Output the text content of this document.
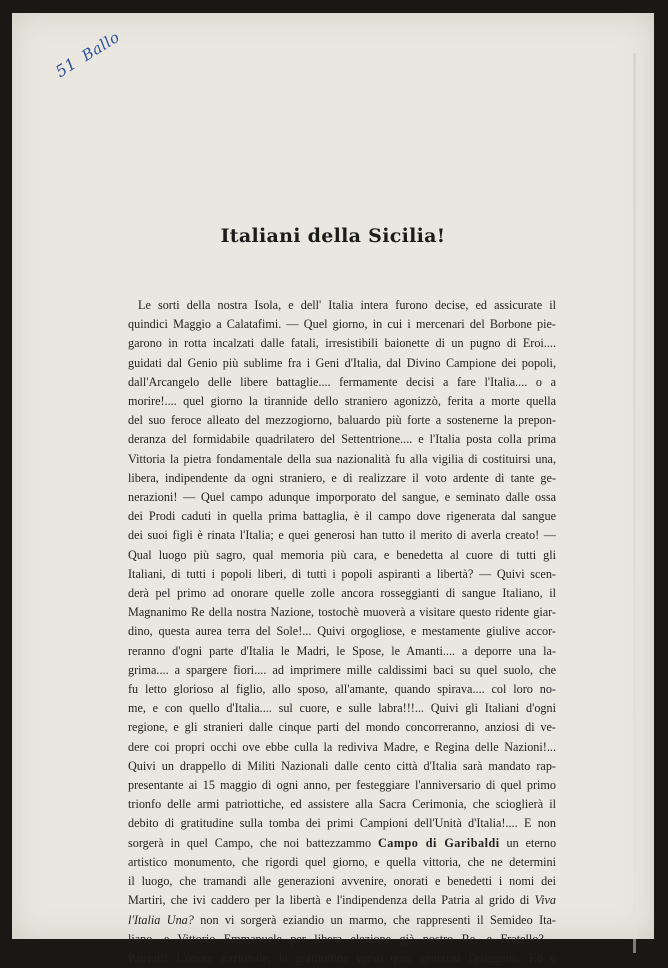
51 Ballo
Italiani della Sicilia!
Le sorti della nostra Isola, e dell' Italia intera furono decise, ed assicurate il
quindici Maggio a Calatafimi. — Quel giorno, in cui i mercenari del Borbone pie-
garono in rotta incalzati dalle fatali, irresistibili baionette di un pugno di Eroi....
guidati dal Genio più sublime fra i Geni d'Italia, dal Divino Campione dei popoli,
dall'Arcangelo delle libere battaglie.... fermamente decisi a fare l'Italia.... o a
morire!.... quel giorno la tirannide dello straniero agonizzò, ferita a morte quella
del suo feroce alleato del mezzogiorno, baluardo più forte a sostenerne la prepon-
deranza del formidabile quadrilatero del Settentrione.... e l'Italia posta colla prima
Vittoria la pietra fondamentale della sua nazionalità fu alla vigilia di costituirsi una,
libera, indipendente da ogni straniero, e di realizzare il voto ardente di tante ge-
nerazioni! — Quel campo adunque imporporato del sangue, e seminato dalle ossa
dei Prodi caduti in quella prima battaglia, è il campo dove rigenerata dal sangue
dei suoi figli è rinata l'Italia; e quei generosi han tutto il merito di averla creato! —
Qual luogo più sagro, qual memoria più cara, e benedetta al cuore di tutti gli
Italiani, di tutti i popoli liberi, di tutti i popoli aspiranti a libertà? — Quivi scen-
derà pel primo ad onorare quelle zolle ancora rosseggianti di sangue Italiano, il
Magnanimo Re della nostra Nazione, tostochè muoverà a visitare questo ridente giar-
dino, questa aurea terra del Sole!... Quivi orgogliose, e mestamente giulive accor-
reranno d'ogni parte d'Italia le Madri, le Spose, le Amanti.... a deporre una la-
grima.... a spargere fiori.... ad imprimere mille caldissimi baci su quel suolo, che
fu letto glorioso al figlio, allo sposo, all'amante, quando spirava.... col loro no-
me, e con quello d'Italia.... sul cuore, e sulle labra!!!... Quivi gli Italiani d'ogni
regione, e gli stranieri dalle cinque parti del mondo concorreranno, anziosi di ve-
dere coi propri occhi ove ebbe culla la rediviva Madre, e Regina delle Nazioni!...
Quivi un drappello di Militi Nazionali dalle cento città d'Italia sarà mandato rap-
presentante ai 15 maggio di ogni anno, per festeggiare l'anniversario di quel primo
trionfo delle armi patriottiche, ed assistere alla Sacra Cerimonia, che scioglierà il
debito di gratitudine sulla tomba dei primi Campioni dell'Unità d'Italia!.... E non
sorgerà in quel Campo, che noi battezzammo Campo di Garibaldi un eterno
artistico monumento, che rigordi quel giorno, e quella vittoria, che ne determini
il luogo, che tramandi alle generazioni avvenire, onorati e benedetti i nomi dei
Martiri, che ivi caddero per la libertà e l'indipendenza della Patria al grido di Viva
l'Italia Una? non vi sorgerà eziandio un marmo, che rappresenti il Semideo Ita-
liano, e Vittorio Emmanuele per libera elezione già nostro Re, e Fratello?....
Patrioti! L'onore nazionale, la gratitudine verso quei generosi l'esiggono. Ed è
